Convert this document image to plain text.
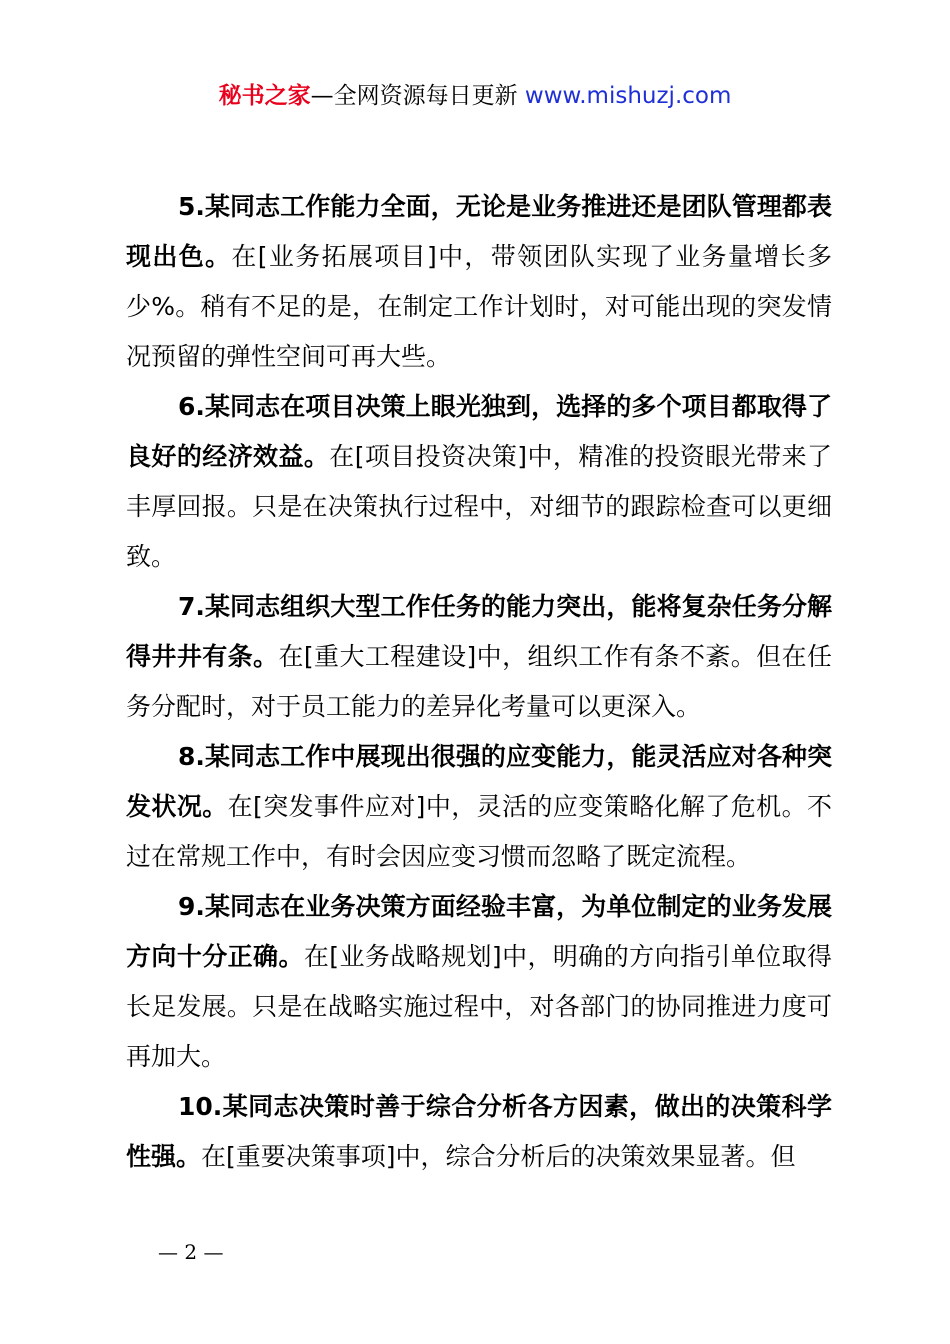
秘书之家—全网资源每日更新 www.mishuzj.com

5.某同志工作能力全面，无论是业务推进还是团队管理都表现出色。在[业务拓展项目]中，带领团队实现了业务量增长多少%。稍有不足的是，在制定工作计划时，对可能出现的突发情况预留的弹性空间可再大些。

6.某同志在项目决策上眼光独到，选择的多个项目都取得了良好的经济效益。在[项目投资决策]中，精准的投资眼光带来了丰厚回报。只是在决策执行过程中，对细节的跟踪检查可以更细致。

7.某同志组织大型工作任务的能力突出，能将复杂任务分解得井井有条。在[重大工程建设]中，组织工作有条不紊。但在任务分配时，对于员工能力的差异化考量可以更深入。

8.某同志工作中展现出很强的应变能力，能灵活应对各种突发状况。在[突发事件应对]中，灵活的应变策略化解了危机。不过在常规工作中，有时会因应变习惯而忽略了既定流程。

9.某同志在业务决策方面经验丰富，为单位制定的业务发展方向十分正确。在[业务战略规划]中，明确的方向指引单位取得长足发展。只是在战略实施过程中，对各部门的协同推进力度可再加大。

10.某同志决策时善于综合分析各方因素，做出的决策科学性强。在[重要决策事项]中，综合分析后的决策效果显著。但

— 2 —
